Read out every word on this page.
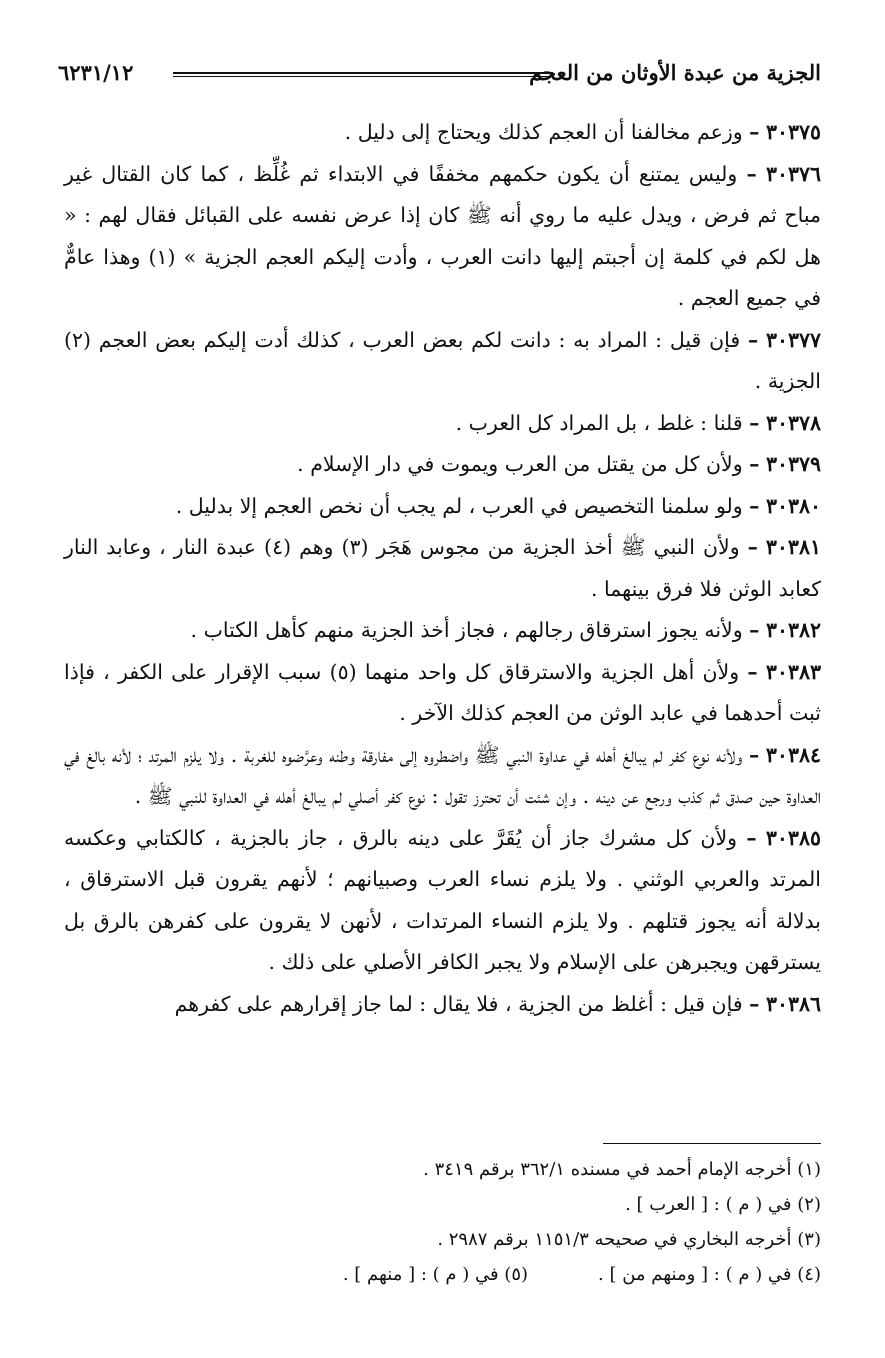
الجزية من عبدة الأوثان من العجم
٦٢٣١/١٢

٣٠٣٧٥ – وزعم مخالفنا أن العجم كذلك ويحتاج إلى دليل .

٣٠٣٧٦ – وليس يمتنع أن يكون حكمهم مخففًا في الابتداء ثم غُلِّظ ، كما كان القتال غير مباح ثم فرض ، ويدل عليه ما روي أنه ﷺ كان إذا عرض نفسه على القبائل فقال لهم : « هل لكم في كلمة إن أجبتم إليها دانت العرب ، وأدت إليكم العجم الجزية » (١) وهذا عامٌّ في جميع العجم .

٣٠٣٧٧ – فإن قيل : المراد به : دانت لكم بعض العرب ، كذلك أدت إليكم بعض العجم (٢) الجزية .

٣٠٣٧٨ – قلنا : غلط ، بل المراد كل العرب .

٣٠٣٧٩ – ولأن كل من يقتل من العرب ويموت في دار الإسلام .

٣٠٣٨٠ – ولو سلمنا التخصيص في العرب ، لم يجب أن نخص العجم إلا بدليل .

٣٠٣٨١ – ولأن النبي ﷺ أخذ الجزية من مجوس هَجَر (٣) وهم (٤) عبدة النار ، وعابد النار كعابد الوثن فلا فرق بينهما .

٣٠٣٨٢ – ولأنه يجوز استرقاق رجالهم ، فجاز أخذ الجزية منهم كأهل الكتاب .

٣٠٣٨٣ – ولأن أهل الجزية والاسترقاق كل واحد منهما (٥) سبب الإقرار على الكفر ، فإذا ثبت أحدهما في عابد الوثن من العجم كذلك الآخر .

٣٠٣٨٤ – ولأنه نوع كفر لم يبالغ أهله في عداوة النبي ﷺ واضطروه إلى مفارقة وطنه وعرَّضوه للغربة . ولا يلزم المرتد ؛ لأنه بالغ في العداوة حين صدق ثم كذب ورجع عن دينه . وإن شئت أن تحترز تقول : نوع كفر أصلي لم يبالغ أهله في العداوة للنبي ﷺ .

٣٠٣٨٥ – ولأن كل مشرك جاز أن يُقَرَّ على دينه بالرق ، جاز بالجزية ، كالكتابي وعكسه المرتد والعربي الوثني . ولا يلزم نساء العرب وصبيانهم ؛ لأنهم يقرون قبل الاسترقاق ، بدلالة أنه يجوز قتلهم . ولا يلزم النساء المرتدات ، لأنهن لا يقرون على كفرهن بالرق بل يسترقهن ويجبرهن على الإسلام ولا يجبر الكافر الأصلي على ذلك .

٣٠٣٨٦ – فإن قيل : أغلظ من الجزية ، فلا يقال : لما جاز إقرارهم على كفرهم

(١) أخرجه الإمام أحمد في مسنده ٣٦٢/١ برقم ٣٤١٩ .
(٢) في ( م ) : [ العرب ] .
(٣) أخرجه البخاري في صحيحه ١١٥١/٣ برقم ٢٩٨٧ .
(٤) في ( م ) : [ ومنهم من ] .
(٥) في ( م ) : [ منهم ] .
